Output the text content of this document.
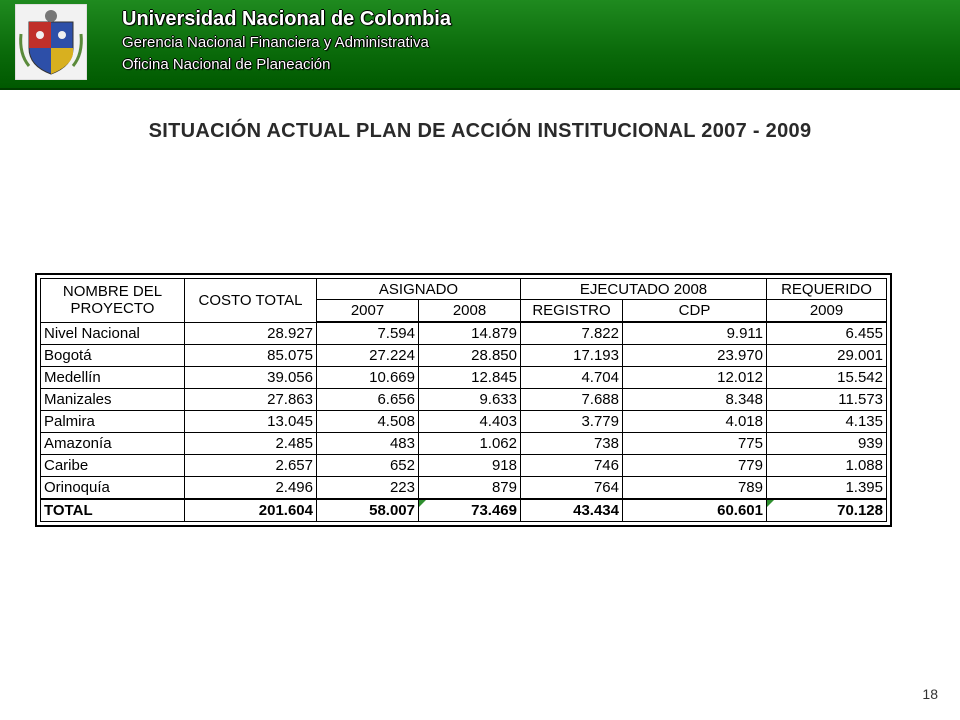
Universidad Nacional de Colombia
Gerencia Nacional Financiera y Administrativa
Oficina Nacional de Planeación
SITUACIÓN ACTUAL PLAN DE ACCIÓN INSTITUCIONAL 2007 - 2009
NOMBRE DEL
PROYECTO	COSTO TOTAL	ASIGNADO		EJECUTADO 2008		REQUERIDO
		2007	2008	REGISTRO	CDP	2009
Nivel Nacional	28.927	7.594	14.879	7.822	9.911	6.455
Bogotá	85.075	27.224	28.850	17.193	23.970	29.001
Medellín	39.056	10.669	12.845	4.704	12.012	15.542
Manizales	27.863	6.656	9.633	7.688	8.348	11.573
Palmira	13.045	4.508	4.403	3.779	4.018	4.135
Amazonía	2.485	483	1.062	738	775	939
Caribe	2.657	652	918	746	779	1.088
Orinoquía	2.496	223	879	764	789	1.395
TOTAL	201.604	58.007	73.469	43.434	60.601	70.128
18
